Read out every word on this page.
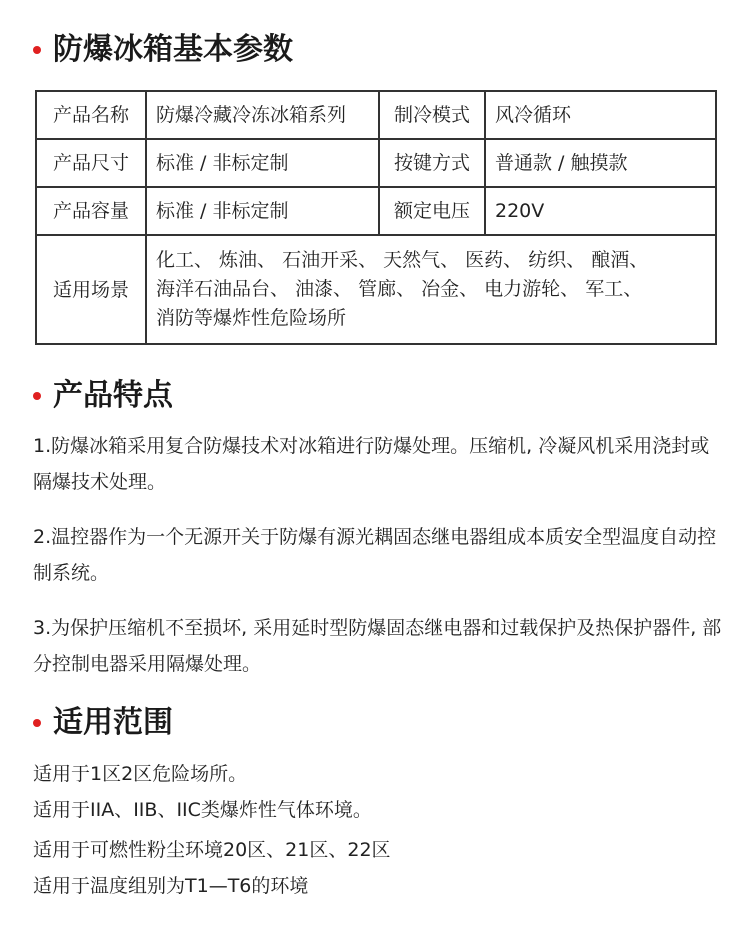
防爆冰箱基本参数
产品名称	防爆冷藏冷冻冰箱系列	制冷模式	风冷循环
产品尺寸	标准 / 非标定制	按键方式	普通款 / 触摸款
产品容量	标准 / 非标定制	额定电压	220V
适用场景	化工、 炼油、 石油开采、 天然气、 医药、 纺织、 酿酒、
海洋石油品台、 油漆、 管廊、 冶金、 电力游轮、 军工、
消防等爆炸性危险场所		
产品特点

1.防爆冰箱采用复合防爆技术对冰箱进行防爆处理。压缩机, 冷凝风机采用浇封或隔爆技术处理。

2.温控器作为一个无源开关于防爆有源光耦固态继电器组成本质安全型温度自动控制系统。

3.为保护压缩机不至损坏, 采用延时型防爆固态继电器和过载保护及热保护器件, 部分控制电器采用隔爆处理。

适用范围

适用于1区2区危险场所。

适用于IIA、IIB、IIC类爆炸性气体环境。

适用于可燃性粉尘环境20区、21区、22区

适用于温度组别为T1—T6的环境
